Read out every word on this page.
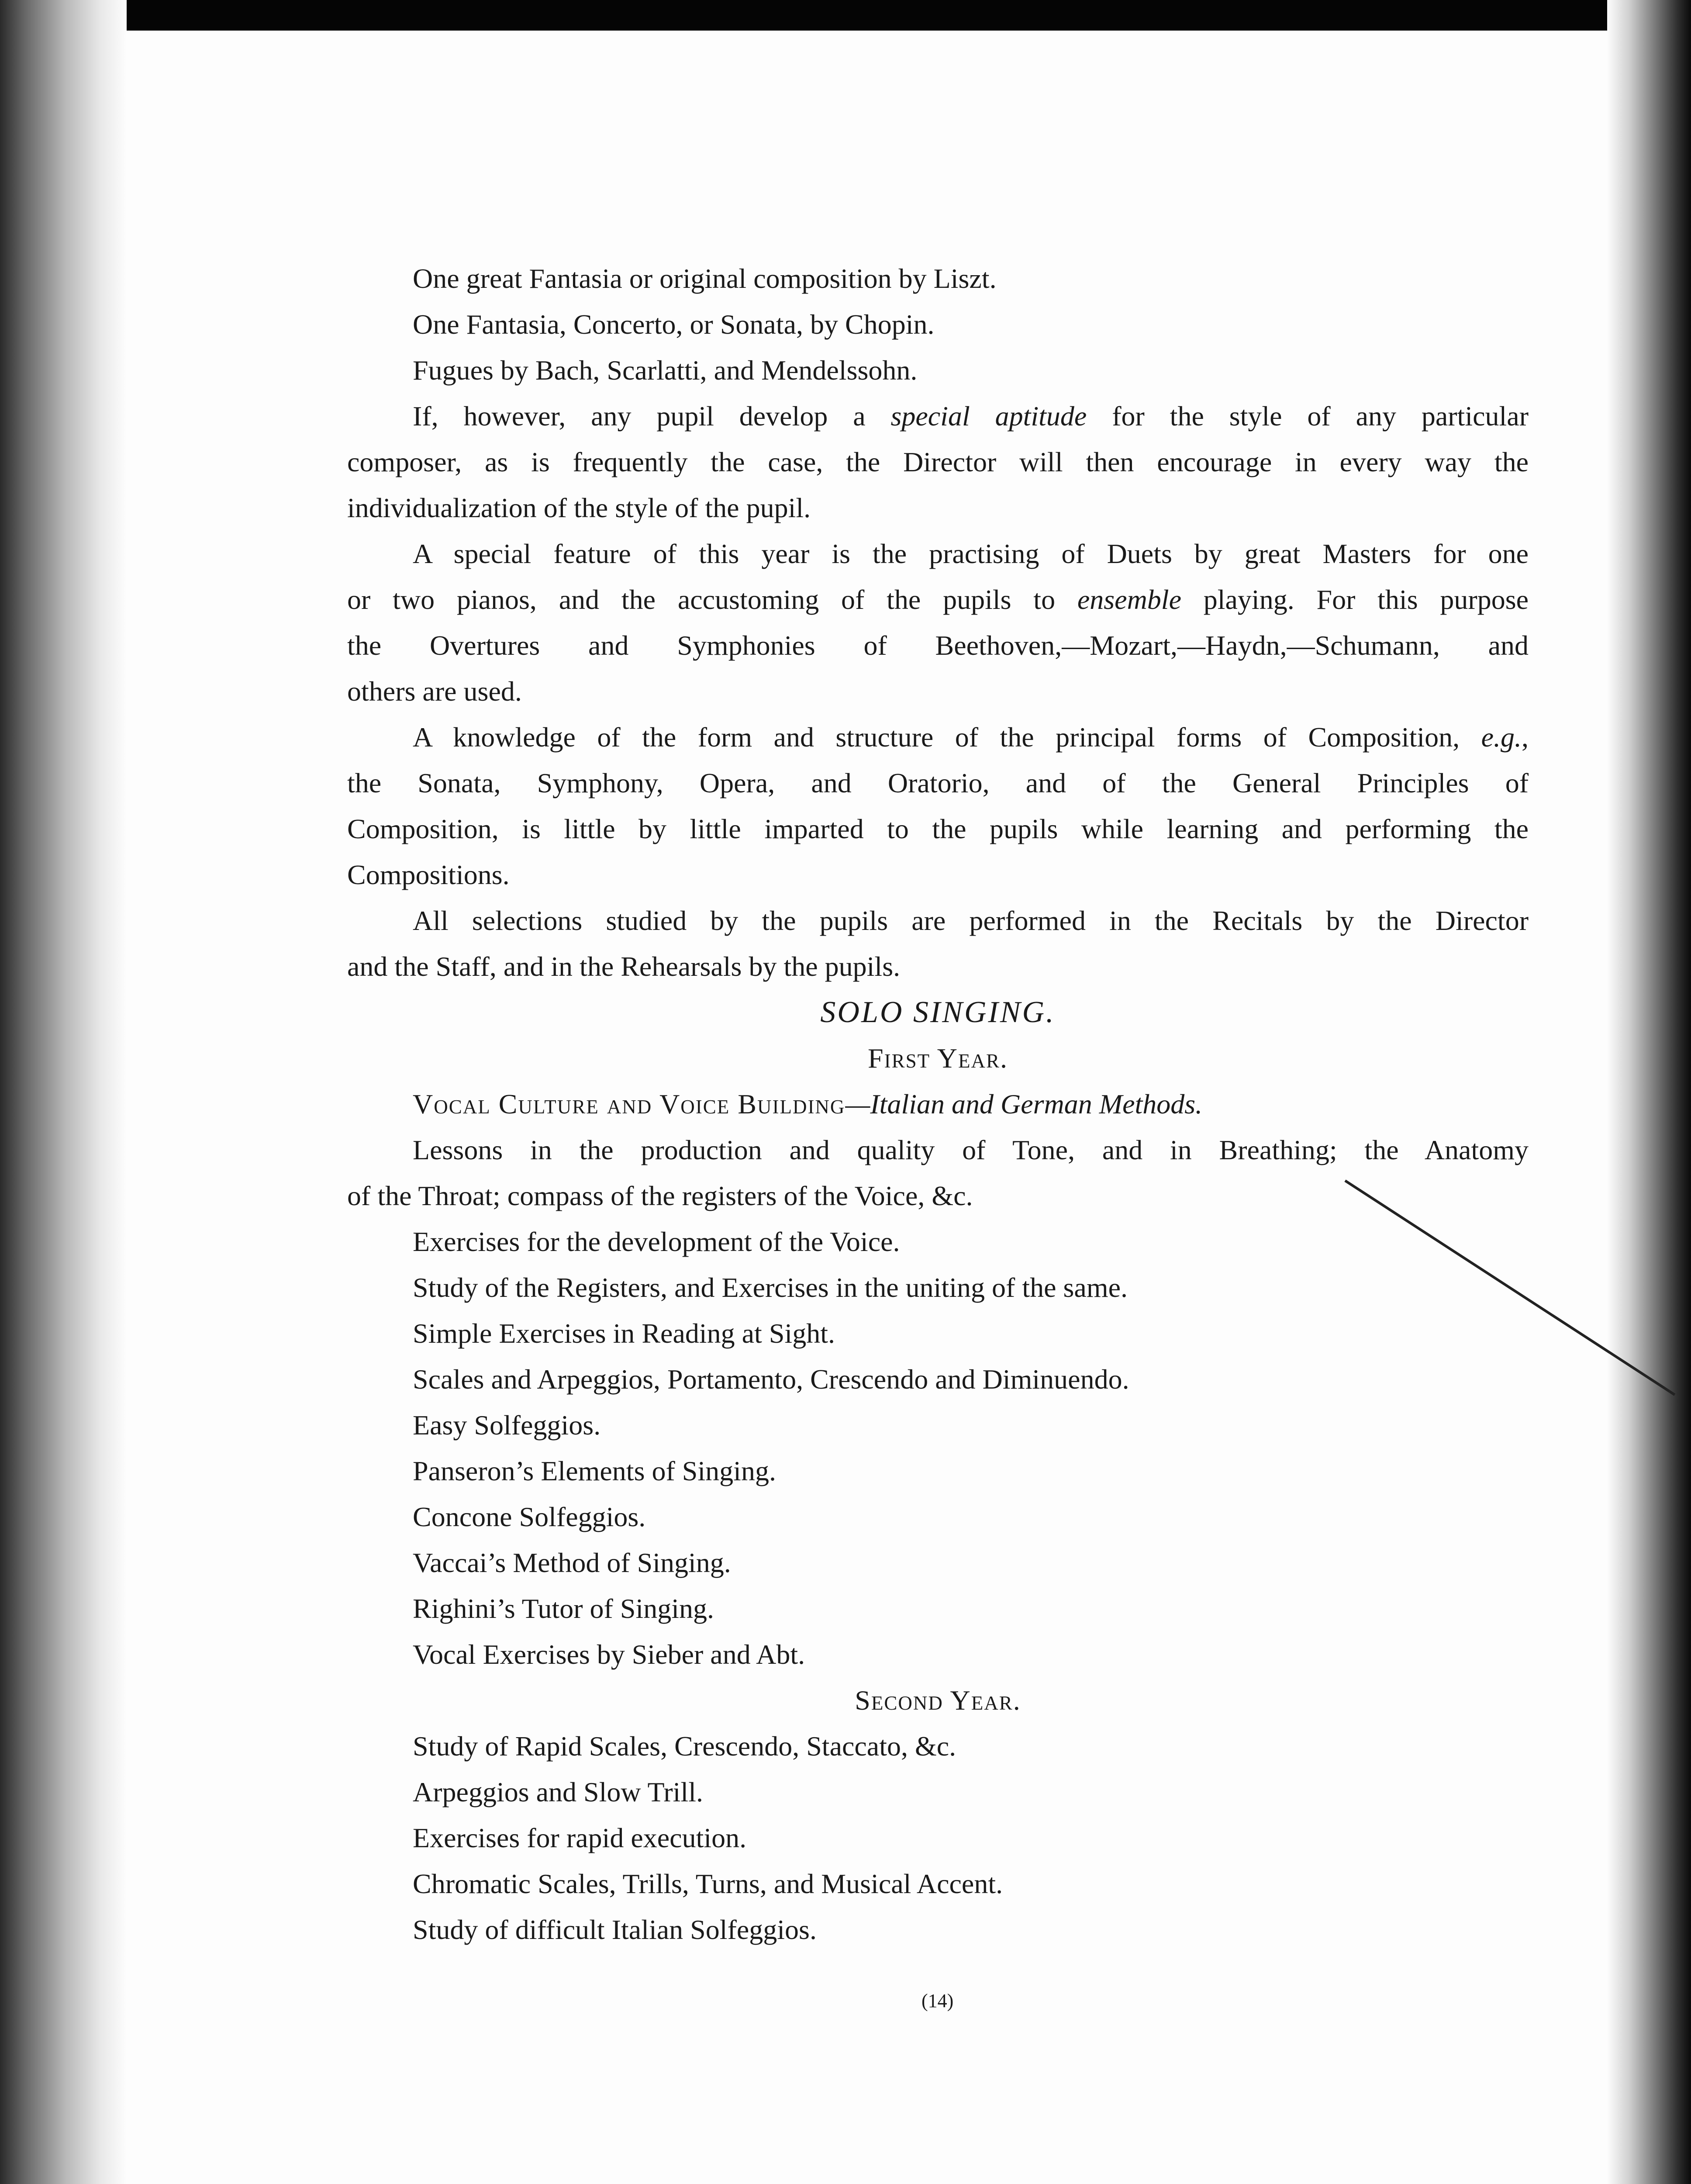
One great Fantasia or original composition by Liszt.
One Fantasia, Concerto, or Sonata, by Chopin.
Fugues by Bach, Scarlatti, and Mendelssohn.
If, however, any pupil develop a special aptitude for the style of any particular
composer, as is frequently the case, the Director will then encourage in every way the
individualization of the style of the pupil.
A special feature of this year is the practising of Duets by great Masters for one
or two pianos, and the accustoming of the pupils to ensemble playing. For this purpose
the Overtures and Symphonies of Beethoven,—Mozart,—Haydn,—Schumann, and
others are used.
A knowledge of the form and structure of the principal forms of Composition, e.g.,
the Sonata, Symphony, Opera, and Oratorio, and of the General Principles of
Composition, is little by little imparted to the pupils while learning and performing the
Compositions.
All selections studied by the pupils are performed in the Recitals by the Director
and the Staff, and in the Rehearsals by the pupils.
SOLO SINGING.
First Year.
Vocal Culture and Voice Building—Italian and German Methods.
Lessons in the production and quality of Tone, and in Breathing; the Anatomy
of the Throat; compass of the registers of the Voice, &c.
Exercises for the development of the Voice.
Study of the Registers, and Exercises in the uniting of the same.
Simple Exercises in Reading at Sight.
Scales and Arpeggios, Portamento, Crescendo and Diminuendo.
Easy Solfeggios.
Panseron’s Elements of Singing.
Concone Solfeggios.
Vaccai’s Method of Singing.
Righini’s Tutor of Singing.
Vocal Exercises by Sieber and Abt.
Second Year.
Study of Rapid Scales, Crescendo, Staccato, &c.
Arpeggios and Slow Trill.
Exercises for rapid execution.
Chromatic Scales, Trills, Turns, and Musical Accent.
Study of difficult Italian Solfeggios.
(14)
